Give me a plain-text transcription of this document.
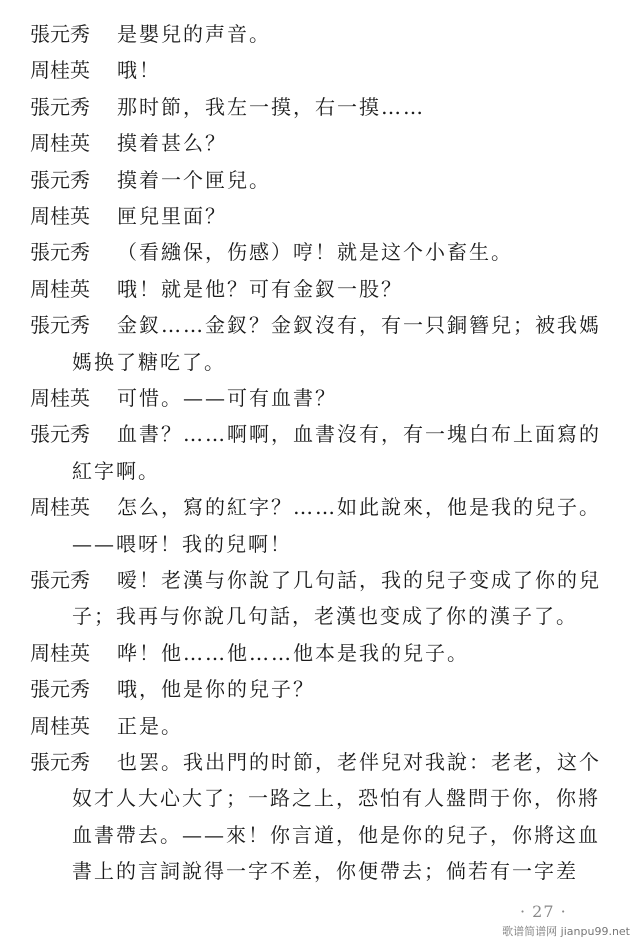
張元秀 是嬰兒的声音。
周桂英 哦！
張元秀 那时節，我左一摸，右一摸……
周桂英 摸着甚么？
張元秀 摸着一个匣兒。
周桂英 匣兒里面？
張元秀 （看繈保，伤感）哼！就是这个小畜生。
周桂英 哦！就是他？可有金釵一股？
張元秀 金釵……金釵？金釵沒有，有一只銅簪兒；被我媽
媽换了糖吃了。
周桂英 可惜。——可有血書？
張元秀 血書？……啊啊，血書沒有，有一塊白布上面寫的
紅字啊。
周桂英 怎么，寫的紅字？……如此說來，他是我的兒子。
——喂呀！我的兒啊！
張元秀 嗳！老漢与你說了几句話，我的兒子变成了你的兒
子；我再与你說几句話，老漢也变成了你的漢子了。
周桂英 哗！他……他……他本是我的兒子。
張元秀 哦，他是你的兒子？
周桂英 正是。
張元秀 也罢。我出門的时節，老伴兒对我說：老老，这个
奴才人大心大了；一路之上，恐怕有人盤問于你，你將
血書帶去。——來！你言道，他是你的兒子，你將这血
書上的言詞說得一字不差，你便帶去；倘若有一字差
· 27 ·
歌谱简谱网 jianpu99.net
